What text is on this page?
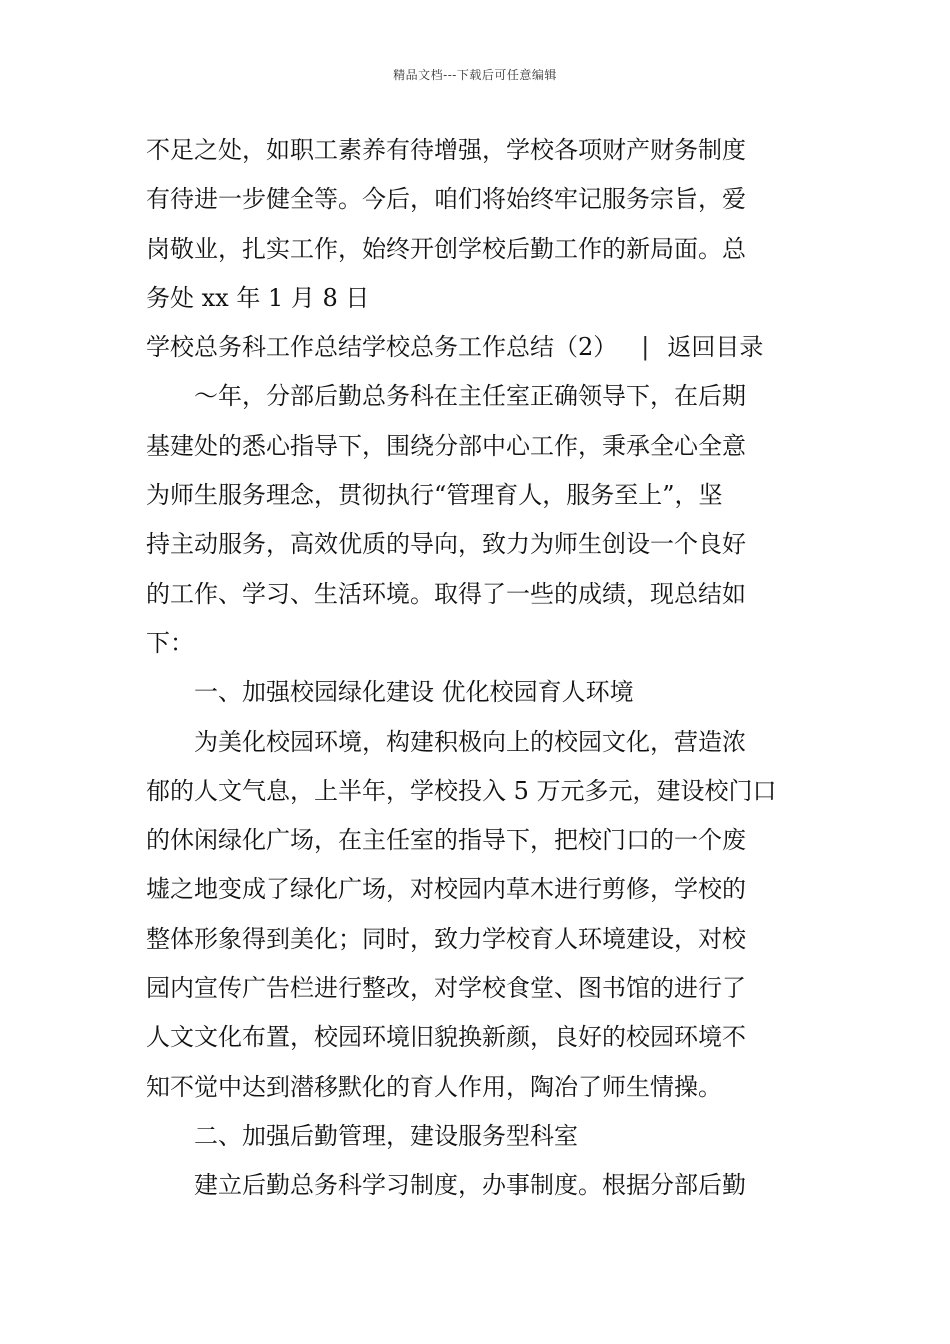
精品文档---下载后可任意编辑
不足之处，如职工素养有待增强，学校各项财产财务制度
有待进一步健全等。今后，咱们将始终牢记服务宗旨，爱
岗敬业，扎实工作，始终开创学校后勤工作的新局面。总
务处 xx 年 1 月 8 日
学校总务科工作总结学校总务工作总结（2） | 返回目录
～年，分部后勤总务科在主任室正确领导下，在后期
基建处的悉心指导下，围绕分部中心工作，秉承全心全意
为师生服务理念，贯彻执行“管理育人，服务至上”，坚
持主动服务，高效优质的导向，致力为师生创设一个良好
的工作、学习、生活环境。取得了一些的成绩，现总结如
下：
一、加强校园绿化建设 优化校园育人环境
为美化校园环境，构建积极向上的校园文化，营造浓
郁的人文气息，上半年，学校投入 5 万元多元，建设校门口
的休闲绿化广场，在主任室的指导下，把校门口的一个废
墟之地变成了绿化广场，对校园内草木进行剪修，学校的
整体形象得到美化；同时，致力学校育人环境建设，对校
园内宣传广告栏进行整改，对学校食堂、图书馆的进行了
人文文化布置，校园环境旧貌换新颜，良好的校园环境不
知不觉中达到潜移默化的育人作用，陶冶了师生情操。
二、加强后勤管理，建设服务型科室
建立后勤总务科学习制度，办事制度。根据分部后勤
